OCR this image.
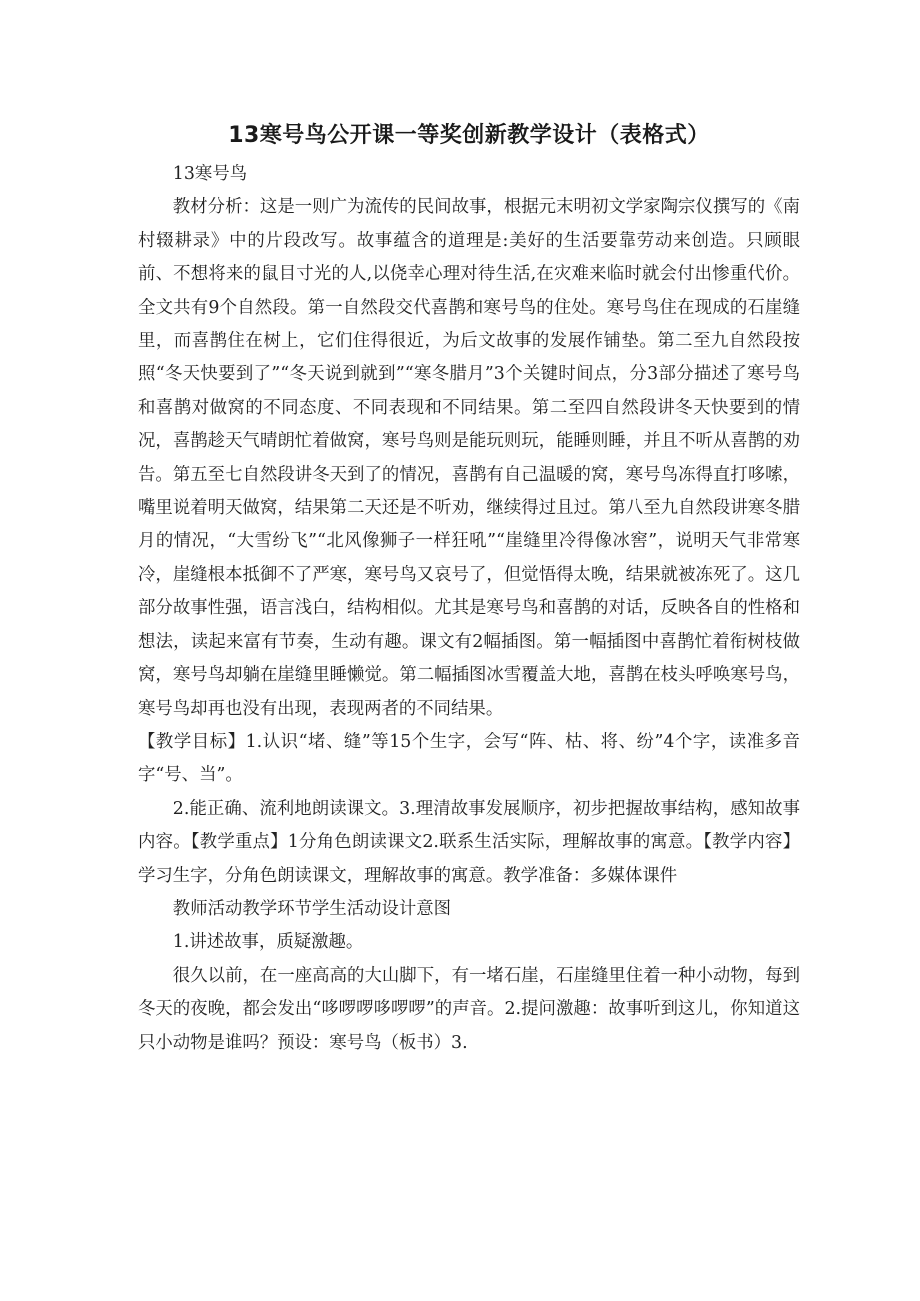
13寒号鸟公开课一等奖创新教学设计（表格式）

13寒号鸟

教材分析：这是一则广为流传的民间故事，根据元末明初文学家陶宗仪撰写的《南村辍耕录》中的片段改写。故事蕴含的道理是:美好的生活要靠劳动来创造。只顾眼前、不想将来的鼠目寸光的人,以侥幸心理对待生活,在灾难来临时就会付出惨重代价。全文共有9个自然段。第一自然段交代喜鹊和寒号鸟的住处。寒号鸟住在现成的石崖缝里，而喜鹊住在树上，它们住得很近，为后文故事的发展作铺垫。第二至九自然段按照“冬天快要到了”“冬天说到就到”“寒冬腊月”3个关键时间点，分3部分描述了寒号鸟和喜鹊对做窝的不同态度、不同表现和不同结果。第二至四自然段讲冬天快要到的情况，喜鹊趁天气晴朗忙着做窝，寒号鸟则是能玩则玩，能睡则睡，并且不听从喜鹊的劝告。第五至七自然段讲冬天到了的情况，喜鹊有自己温暖的窝，寒号鸟冻得直打哆嗦，嘴里说着明天做窝，结果第二天还是不听劝，继续得过且过。第八至九自然段讲寒冬腊月的情况，“大雪纷飞”“北风像狮子一样狂吼”“崖缝里冷得像冰窖”，说明天气非常寒冷，崖缝根本抵御不了严寒，寒号鸟又哀号了，但觉悟得太晚，结果就被冻死了。这几部分故事性强，语言浅白，结构相似。尤其是寒号鸟和喜鹊的对话，反映各自的性格和想法，读起来富有节奏，生动有趣。课文有2幅插图。第一幅插图中喜鹊忙着衔树枝做窝，寒号鸟却躺在崖缝里睡懒觉。第二幅插图冰雪覆盖大地，喜鹊在枝头呼唤寒号鸟，寒号鸟却再也没有出现，表现两者的不同结果。

【教学目标】1.认识“堵、缝”等15个生字，会写“阵、枯、将、纷”4个字，读准多音字“号、当”。

2.能正确、流利地朗读课文。3.理清故事发展顺序，初步把握故事结构，感知故事内容。【教学重点】1分角色朗读课文2.联系生活实际，理解故事的寓意。【教学内容】学习生字，分角色朗读课文，理解故事的寓意。教学准备：多媒体课件

教师活动教学环节学生活动设计意图

1.讲述故事，质疑激趣。

很久以前，在一座高高的大山脚下，有一堵石崖，石崖缝里住着一种小动物，每到冬天的夜晚，都会发出“哆啰啰哆啰啰”的声音。2.提问激趣：故事听到这儿，你知道这只小动物是谁吗？预设：寒号鸟（板书）3.
